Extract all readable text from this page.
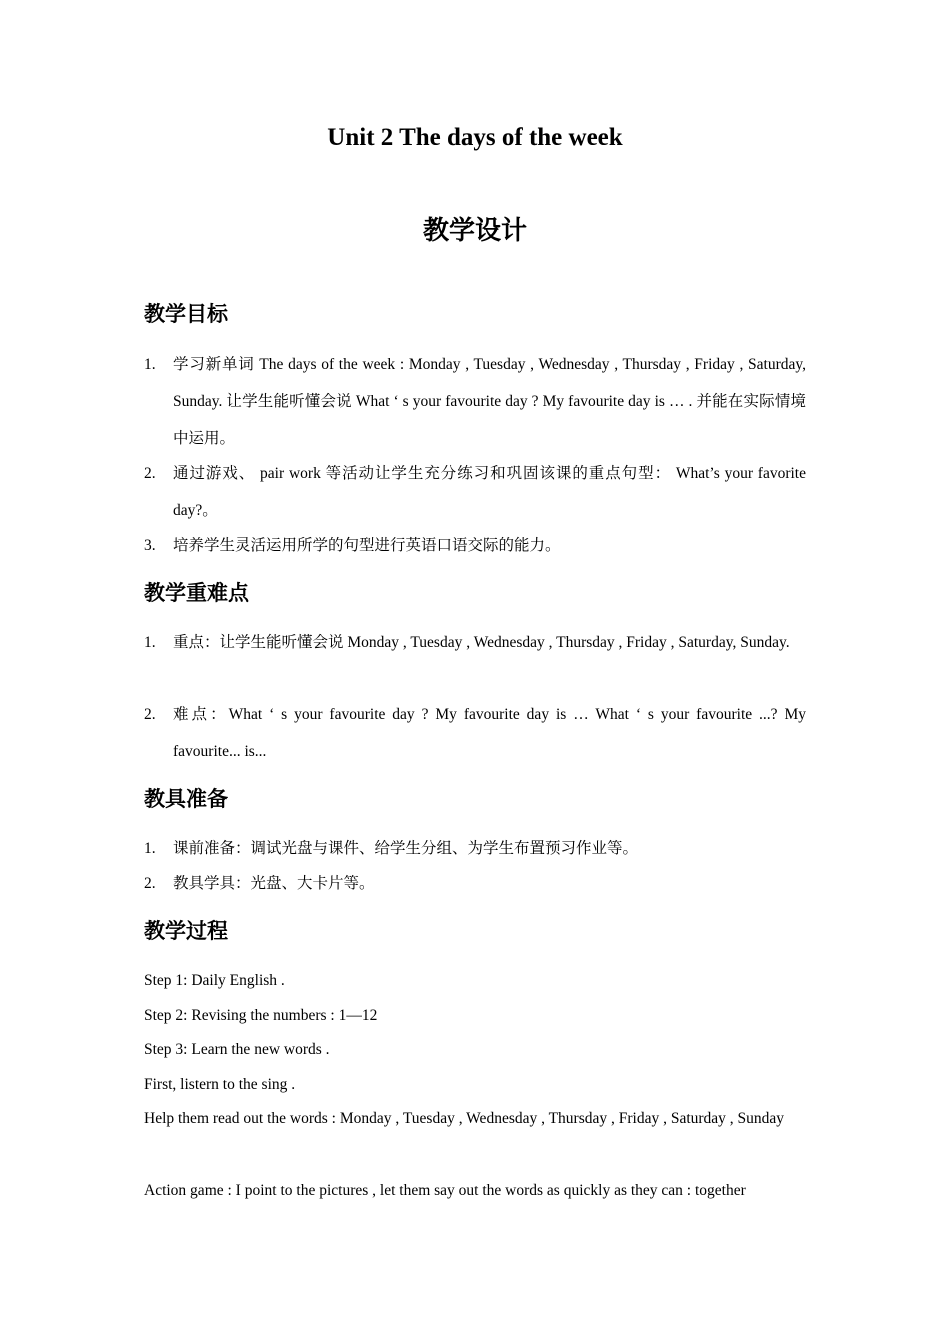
Unit 2 The days of the week
教学设计
教学目标
1.	学习新单词 The days of the week : Monday , Tuesday , Wednesday , Thursday , Friday , Saturday, Sunday. 让学生能听懂会说 What ‘ s your favourite day ? My favourite day is … . 并能在实际情境中运用。
2.	通过游戏、 pair work 等活动让学生充分练习和巩固该课的重点句型： What’s your favorite day?。
3.	培养学生灵活运用所学的句型进行英语口语交际的能力。
教学重难点
1.	重点：让学生能听懂会说 Monday , Tuesday , Wednesday , Thursday , Friday , Saturday, Sunday.
2.	难点：What ‘ s your favourite day ? My favourite day is … What ‘ s your favourite ...? My favourite... is...
教具准备
1.	课前准备：调试光盘与课件、给学生分组、为学生布置预习作业等。
2.	教具学具：光盘、大卡片等。
教学过程
Step 1: Daily English .
Step 2: Revising the numbers : 1—12
Step 3: Learn the new words .
First, listern to the sing .
Help them read out the words : Monday , Tuesday , Wednesday , Thursday , Friday , Saturday , Sunday
Action game : I point to the pictures , let them say out the words as quickly as they can : together
